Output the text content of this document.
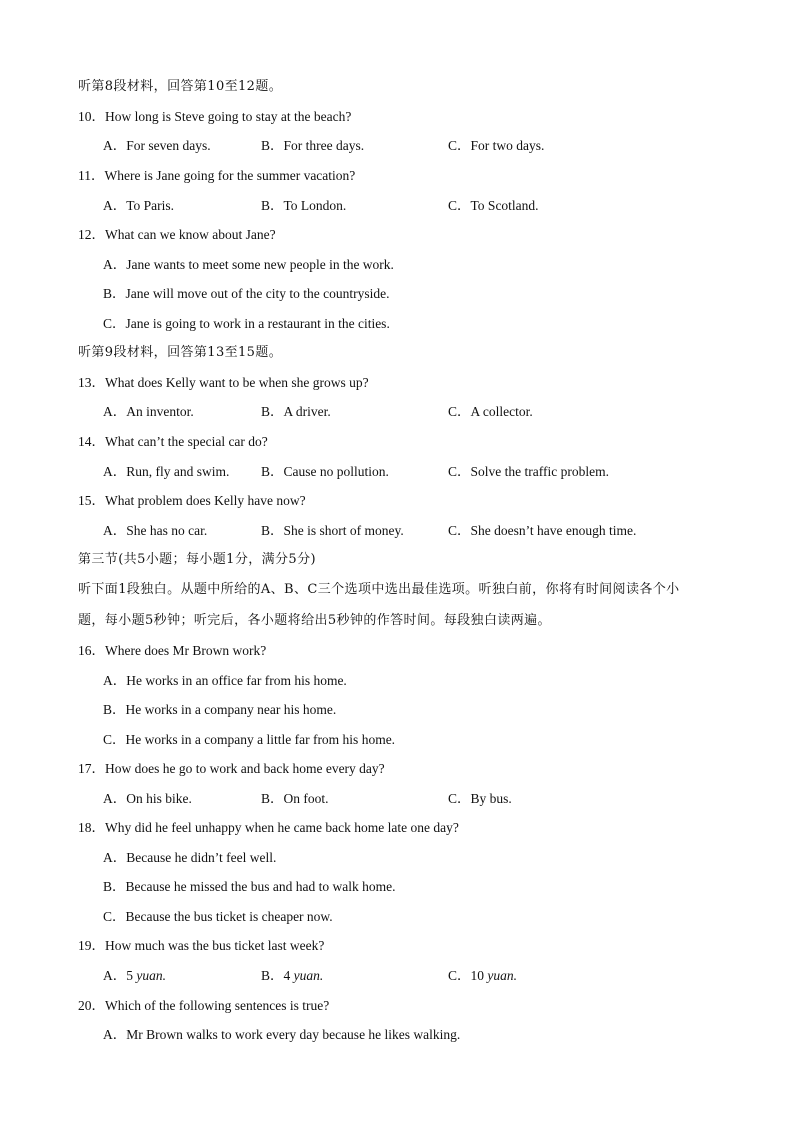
听第8段材料，回答第10至12题。
10．How long is Steve going to stay at the beach?
A．For seven days.	B．For three days.	C．For two days.
11．Where is Jane going for the summer vacation?
A．To Paris.	B．To London.	C．To Scotland.
12．What can we know about Jane?
A．Jane wants to meet some new people in the work.
B．Jane will move out of the city to the countryside.
C．Jane is going to work in a restaurant in the cities.
听第9段材料，回答第13至15题。
13．What does Kelly want to be when she grows up?
A．An inventor.	B．A driver.	C．A collector.
14．What can’t the special car do?
A．Run, fly and swim. B．Cause no pollution.	C．Solve the traffic problem.
15．What problem does Kelly have now?
A．She has no car.	B．She is short of money.	C．She doesn’t have enough time.
第三节(共5小题；每小题1分，满分5分)
听下面1段独白。从题中所给的A、B、C三个选项中选出最佳选项。听独白前，你将有时间阅读各个小
题，每小题5秒钟；听完后，各小题将给出5秒钟的作答时间。每段独白读两遍。
16．Where does Mr Brown work?
A．He works in an office far from his home.
B．He works in a company near his home.
C．He works in a company a little far from his home.
17．How does he go to work and back home every day?
A．On his bike.	B．On foot.	C．By bus.
18．Why did he feel unhappy when he came back home late one day?
A．Because he didn’t feel well.
B．Because he missed the bus and had to walk home.
C．Because the bus ticket is cheaper now.
19．How much was the bus ticket last week?
A．5 yuan.	B．4 yuan.	C．10 yuan.
20．Which of the following sentences is true?
A．Mr Brown walks to work every day because he likes walking.
